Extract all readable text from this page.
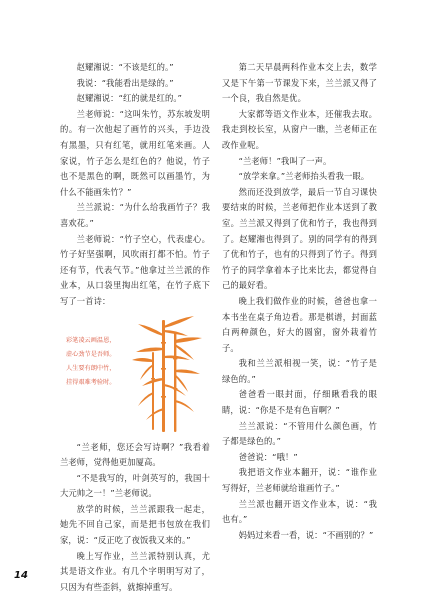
赵耀湘说：“不该是红的。”

我说：“我能看出是绿的。”

赵耀湘说：“红的就是红的。”

兰老师说：“这叫朱竹，苏东坡发明的。有一次他起了画竹的兴头，手边没有黑墨，只有红笔，就用红笔来画。人家说，竹子怎么是红色的？他说，竹子也不是黑色的啊，既然可以画墨竹，为什么不能画朱竹？”

兰兰派说：“为什么给我画竹子？我喜欢花。”

兰老师说：“竹子空心，代表虚心。竹子好坚强啊，风吹雨打都不怕。竹子还有节，代表气节。”他拿过兰兰派的作业本，从口袋里掏出红笔，在竹子底下写了一首诗：

彩笔凌云画温恩，
虚心劲节是吾师。
人生要有朗中竹，
挂得艰难考验时。

“兰老师，您还会写诗啊？”我看着兰老师，觉得他更加厦高。

“不是我写的，叶剑英写的，我国十大元帅之一！”兰老师说。

放学的时候，兰兰派跟我一起走，她先不回自己家，而是把书包放在我们家，说：“反正吃了夜饭我又来的。”

晚上写作业，兰兰派特别认真，尤其是语文作业。有几个字明明写对了，只因为有些歪斜，就擦掉重写。

第二天早晨两科作业本交上去，数学又是下午第一节课发下来，兰兰派又得了一个良，我自然是优。

大家都等语文作业本，还催我去取。我走到校长室，从窗户一瞧，兰老师正在改作业呢。

“兰老师！”我叫了一声。

“放学来拿。”兰老师抬头看我一眼。

然而还没到放学，最后一节自习课快要结束的时候，兰老师把作业本送到了教室。兰兰派又得到了优和竹子，我也得到了。赵耀湘也得到了。别的同学有的得到了优和竹子，也有的只得到了竹子。得到竹子的同学拿着本子比来比去，都觉得自己的最好看。

晚上我们做作业的时候，爸爸也拿一本书坐在桌子角边看。那是棋谱，封面蓝白两种颜色，好大的圆窗，窗外栽着竹子。

我和兰兰派相视一笑，说：“竹子是绿色的。”

爸爸看一眼封面，仔细瞅看我的眼睛，说：“你是不是有色盲啊？”

兰兰派说：“不管用什么颜色画，竹子都是绿色的。”

爸爸说：“哦！”

我把语文作业本翻开，说：“谁作业写得好，兰老师就给谁画竹子。”

兰兰派也翻开语文作业本，说：“我也有。”

妈妈过来看一看，说：“不画别的？”

14
